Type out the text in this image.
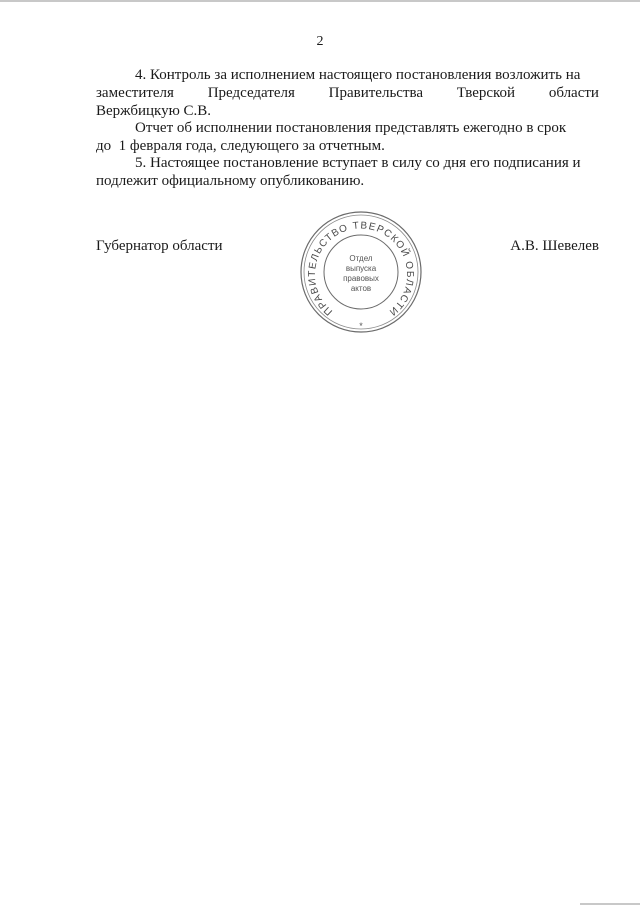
2
4. Контроль за исполнением настоящего постановления возложить на
заместителя Председателя Правительства Тверской области
Вержбицкую С.В.
Отчет об исполнении постановления представлять ежегодно в срок
до  1 февраля года, следующего за отчетным.
5. Настоящее постановление вступает в силу со дня его подписания и
подлежит официальному опубликованию.
Губернатор области	А.В. Шевелев
ПРАВИТЕЛЬСТВО ТВЕРСКОЙ ОБЛАСТИ
Отдел
выпуска
правовых
актов
*
